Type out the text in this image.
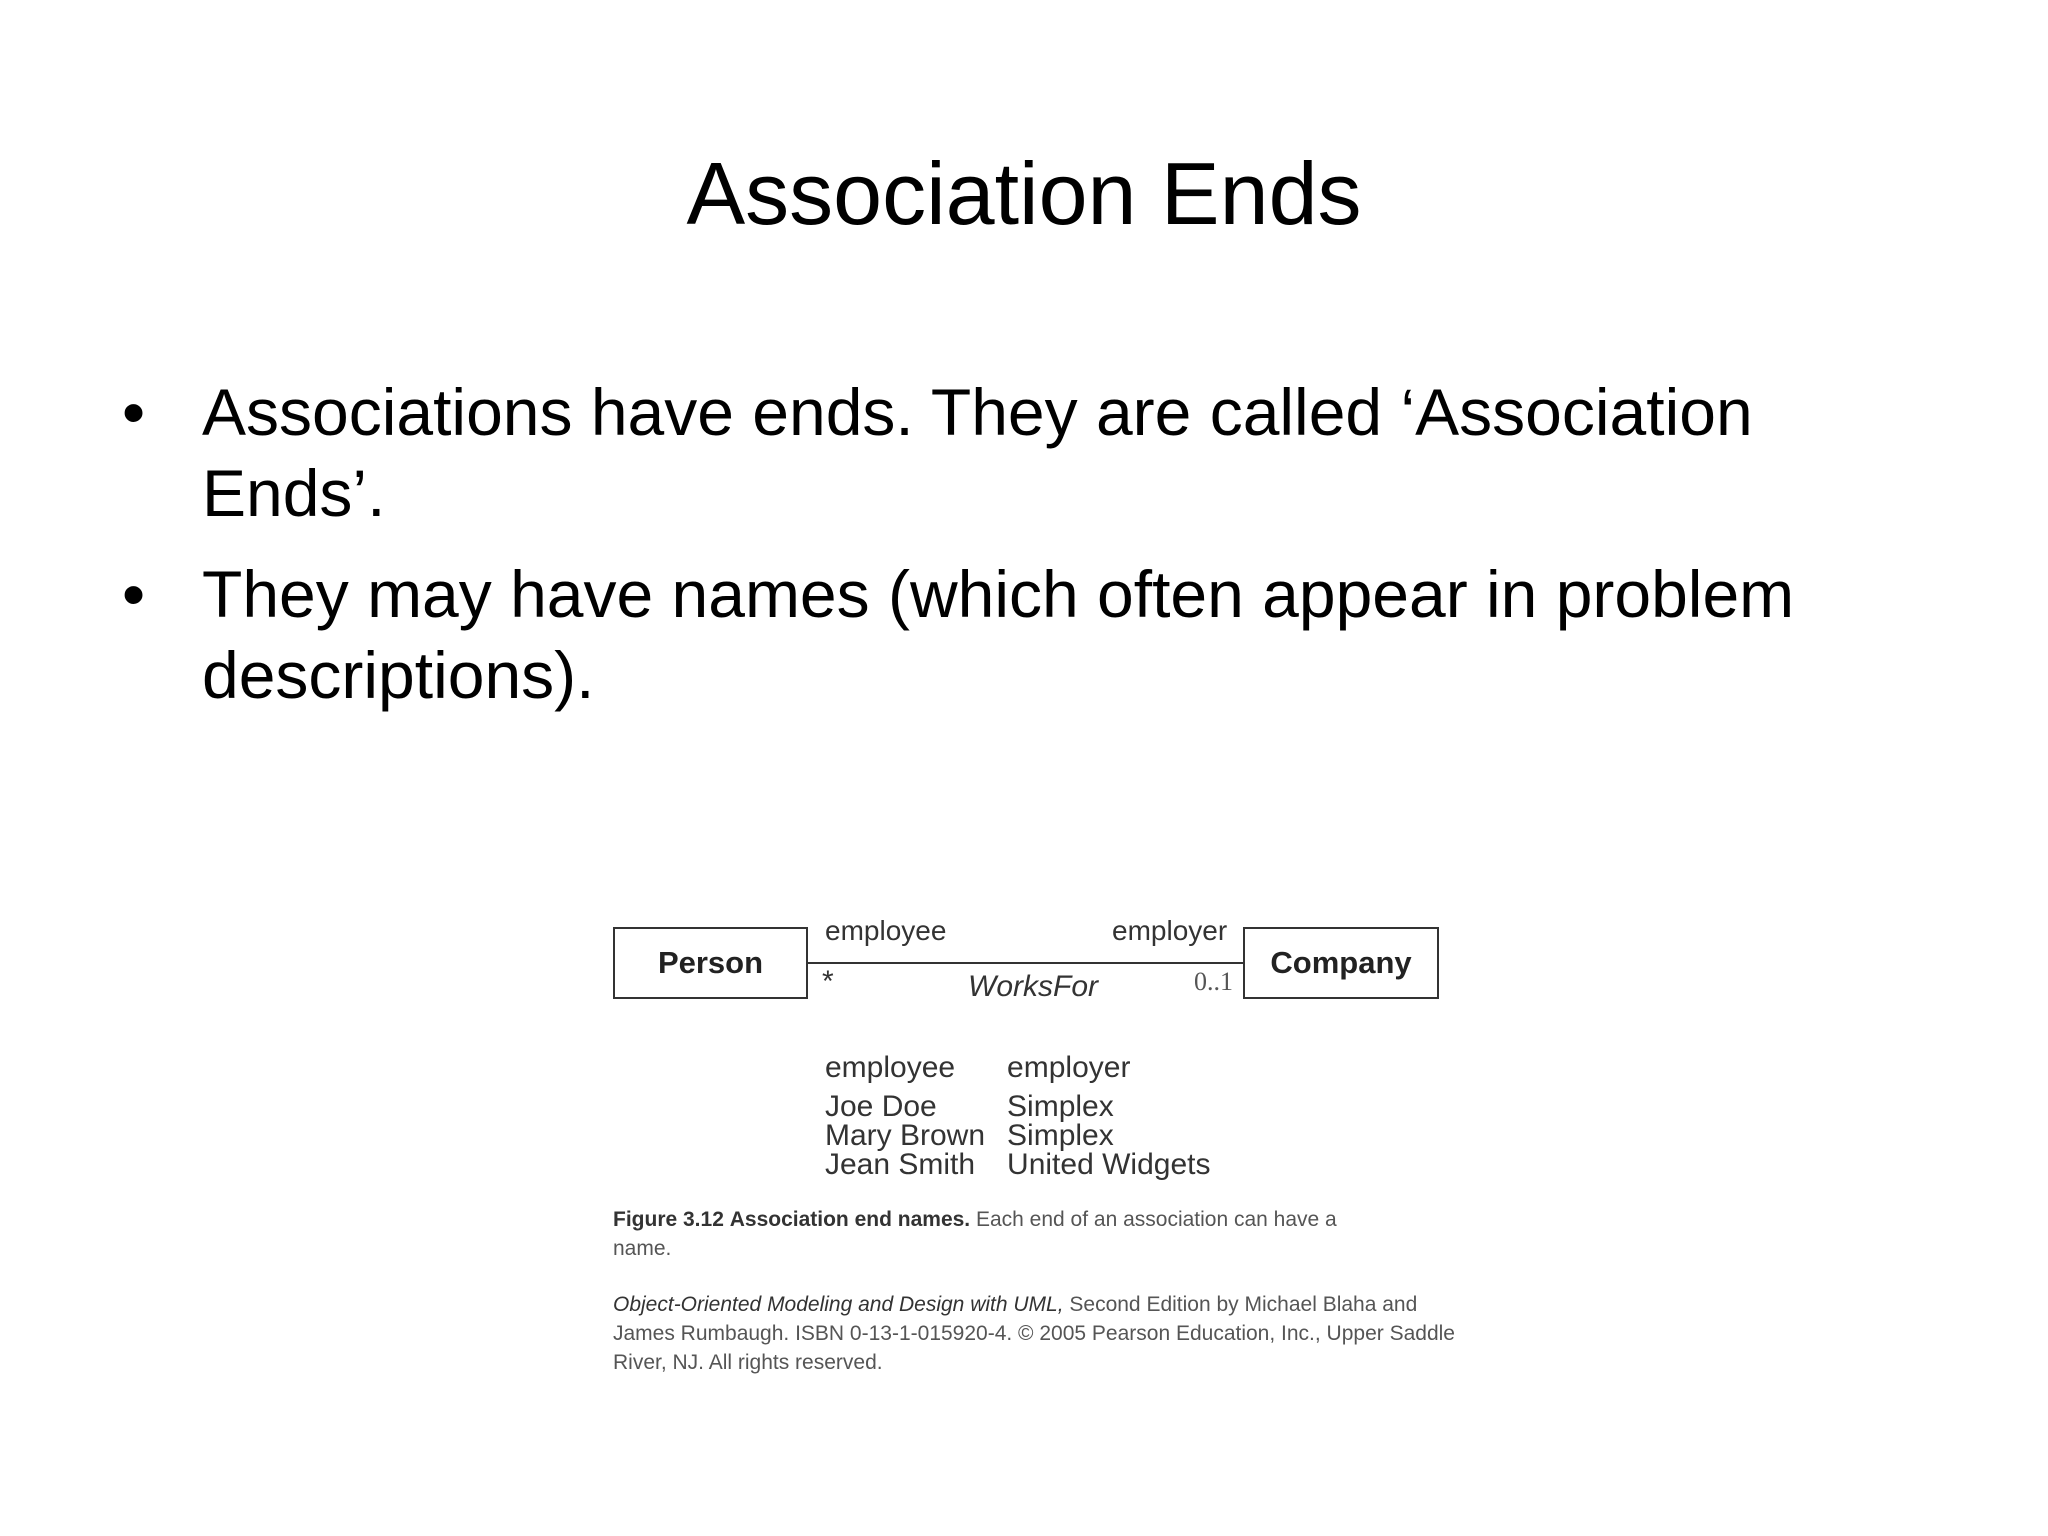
Association Ends
• Associations have ends. They are called ‘Association Ends’.
• They may have names (which often appear in problem descriptions).
Person	Company
employee	employer
*	WorksFor	0..1
employee	employer
Joe Doe	Simplex
Mary Brown	Simplex
Jean Smith	United Widgets

Figure 3.12 Association end names. Each end of an association can have a name.

Object-Oriented Modeling and Design with UML, Second Edition by Michael Blaha and James Rumbaugh. ISBN 0-13-1-015920-4. © 2005 Pearson Education, Inc., Upper Saddle River, NJ. All rights reserved.
